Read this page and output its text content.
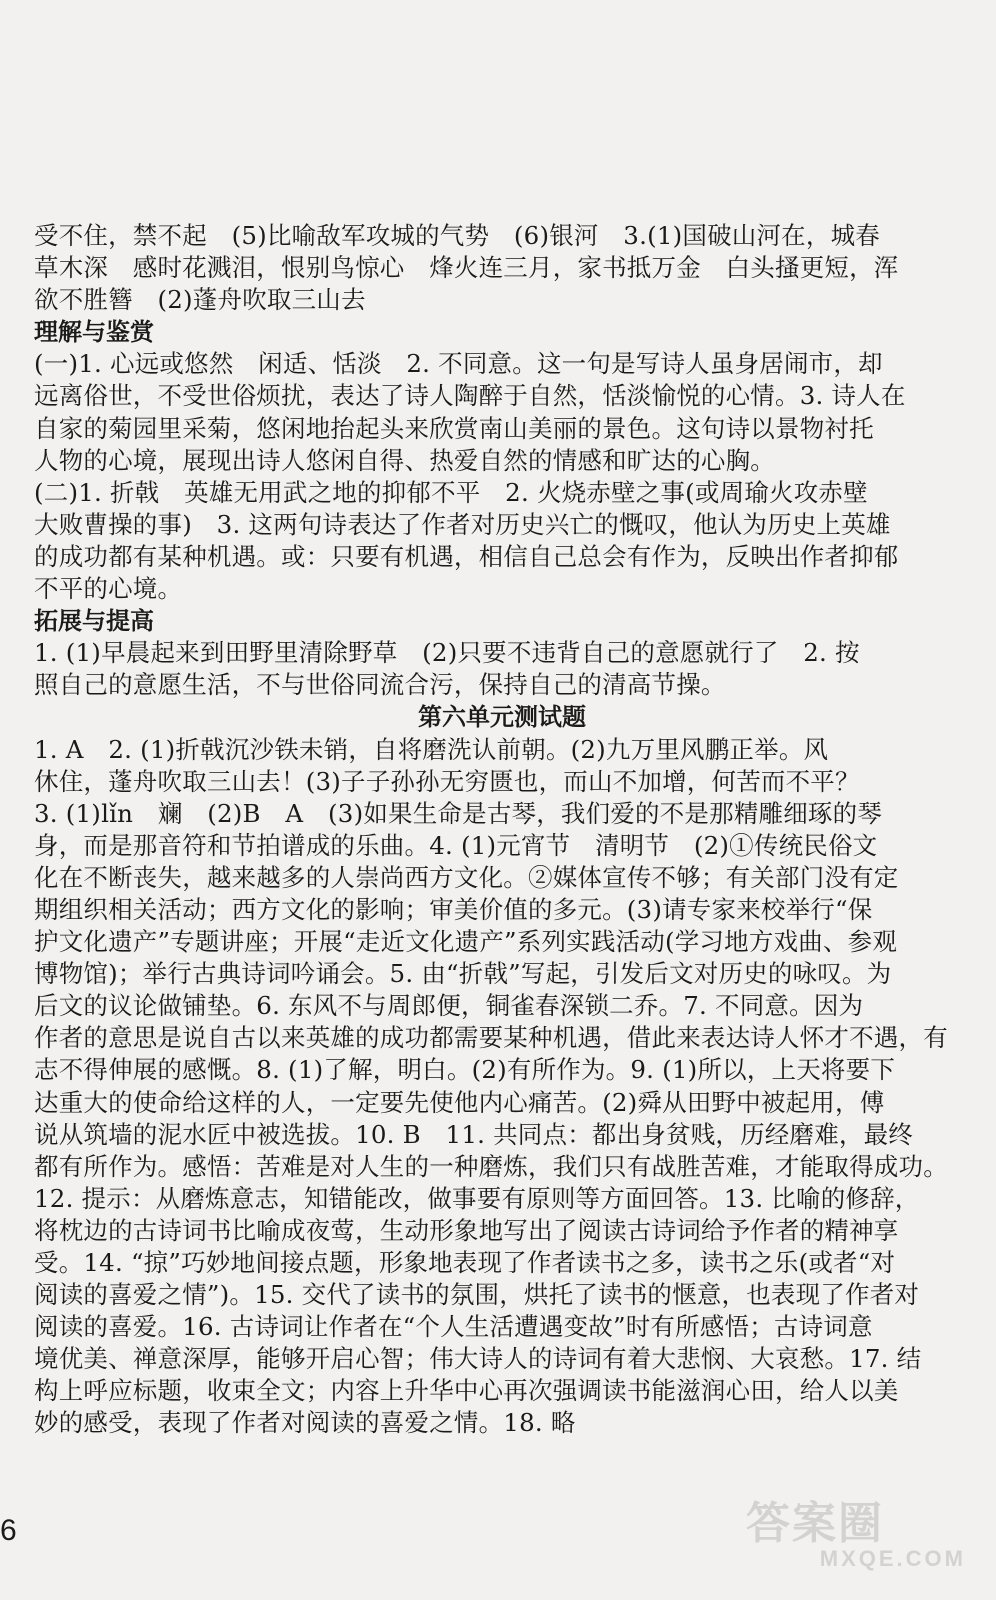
受不住，禁不起　(5)比喻敌军攻城的气势　(6)银河　3.(1)国破山河在，城春
草木深　感时花溅泪，恨别鸟惊心　烽火连三月，家书抵万金　白头搔更短，浑
欲不胜簪　(2)蓬舟吹取三山去
理解与鉴赏
(一)1. 心远或悠然　闲适、恬淡　2. 不同意。这一句是写诗人虽身居闹市，却
远离俗世，不受世俗烦扰，表达了诗人陶醉于自然，恬淡愉悦的心情。3. 诗人在
自家的菊园里采菊，悠闲地抬起头来欣赏南山美丽的景色。这句诗以景物衬托
人物的心境，展现出诗人悠闲自得、热爱自然的情感和旷达的心胸。
(二)1. 折戟　英雄无用武之地的抑郁不平　2. 火烧赤壁之事(或周瑜火攻赤壁
大败曹操的事)　3. 这两句诗表达了作者对历史兴亡的慨叹，他认为历史上英雄
的成功都有某种机遇。或：只要有机遇，相信自己总会有作为，反映出作者抑郁
不平的心境。
拓展与提高
1. (1)早晨起来到田野里清除野草　(2)只要不违背自己的意愿就行了　2. 按
照自己的意愿生活，不与世俗同流合污，保持自己的清高节操。
第六单元测试题
1. A　2. (1)折戟沉沙铁未销，自将磨洗认前朝。(2)九万里风鹏正举。风
休住，蓬舟吹取三山去！(3)子子孙孙无穷匮也，而山不加增，何苦而不平？
3. (1)lǐn　斓　(2)B　A　(3)如果生命是古琴，我们爱的不是那精雕细琢的琴
身，而是那音符和节拍谱成的乐曲。4. (1)元宵节　清明节　(2)①传统民俗文
化在不断丧失，越来越多的人崇尚西方文化。②媒体宣传不够；有关部门没有定
期组织相关活动；西方文化的影响；审美价值的多元。(3)请专家来校举行“保
护文化遗产”专题讲座；开展“走近文化遗产”系列实践活动(学习地方戏曲、参观
博物馆)；举行古典诗词吟诵会。5. 由“折戟”写起，引发后文对历史的咏叹。为
后文的议论做铺垫。6. 东风不与周郎便，铜雀春深锁二乔。7. 不同意。因为
作者的意思是说自古以来英雄的成功都需要某种机遇，借此来表达诗人怀才不遇，有
志不得伸展的感慨。8. (1)了解，明白。(2)有所作为。9. (1)所以，上天将要下
达重大的使命给这样的人，一定要先使他内心痛苦。(2)舜从田野中被起用，傅
说从筑墙的泥水匠中被选拔。10. B　11. 共同点：都出身贫贱，历经磨难，最终
都有所作为。感悟：苦难是对人生的一种磨炼，我们只有战胜苦难，才能取得成功。
12. 提示：从磨炼意志，知错能改，做事要有原则等方面回答。13. 比喻的修辞，
将枕边的古诗词书比喻成夜莺，生动形象地写出了阅读古诗词给予作者的精神享
受。14. “掠”巧妙地间接点题，形象地表现了作者读书之多，读书之乐(或者“对
阅读的喜爱之情”)。15. 交代了读书的氛围，烘托了读书的惬意，也表现了作者对
阅读的喜爱。16. 古诗词让作者在“个人生活遭遇变故”时有所感悟；古诗词意
境优美、禅意深厚，能够开启心智；伟大诗人的诗词有着大悲悯、大哀愁。17. 结
构上呼应标题，收束全文；内容上升华中心再次强调读书能滋润心田，给人以美
妙的感受，表现了作者对阅读的喜爱之情。18. 略
6	答案圈
MXQE.COM
